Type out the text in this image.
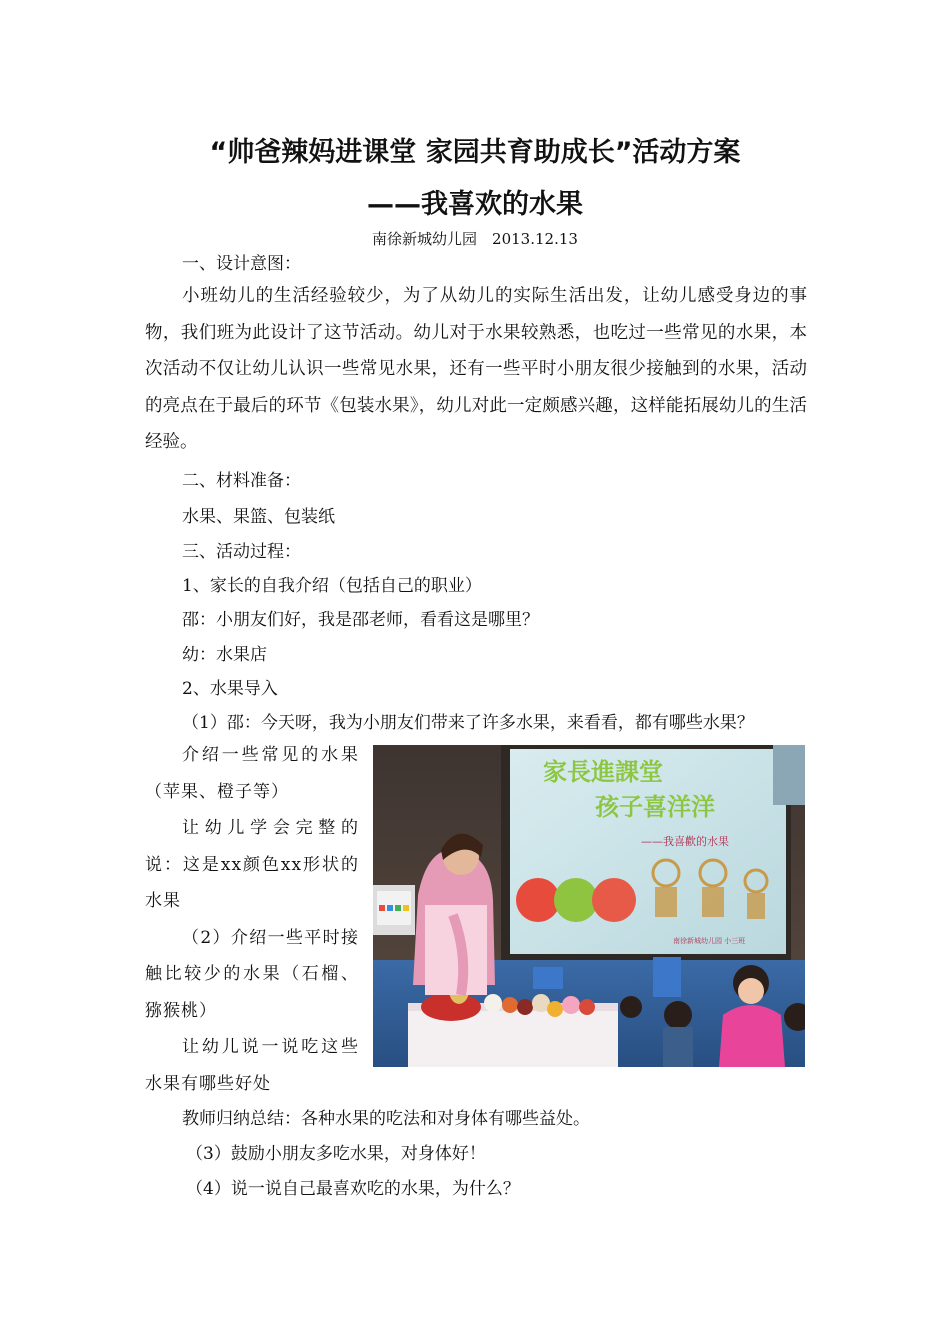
“帅爸辣妈进课堂 家园共育助成长”活动方案
——我喜欢的水果
南徐新城幼儿园　2013.12.13
一、设计意图：
小班幼儿的生活经验较少，为了从幼儿的实际生活出发，让幼儿感受身边的事物，我们班为此设计了这节活动。幼儿对于水果较熟悉，也吃过一些常见的水果，本次活动不仅让幼儿认识一些常见水果，还有一些平时小朋友很少接触到的水果，活动的亮点在于最后的环节《包装水果》，幼儿对此一定颇感兴趣，这样能拓展幼儿的生活经验。
二、材料准备：
水果、果篮、包装纸
三、活动过程：
1、家长的自我介绍（包括自己的职业）
邵：小朋友们好，我是邵老师，看看这是哪里？
幼：水果店
2、水果导入
（1）邵：今天呀，我为小朋友们带来了许多水果，来看看，都有哪些水果？

介绍一些常见的水果（苹果、橙子等）

让幼儿学会完整的说：这是xx颜色xx形状的水果

（2）介绍一些平时接触比较少的水果（石榴、猕猴桃）

让幼儿说一说吃这些水果有哪些好处

家長進課堂
孩子喜洋洋
——我喜歡的水果
南徐新城幼儿园 小三班
教师归纳总结：各种水果的吃法和对身体有哪些益处。
（3）鼓励小朋友多吃水果，对身体好！
（4）说一说自己最喜欢吃的水果，为什么？
